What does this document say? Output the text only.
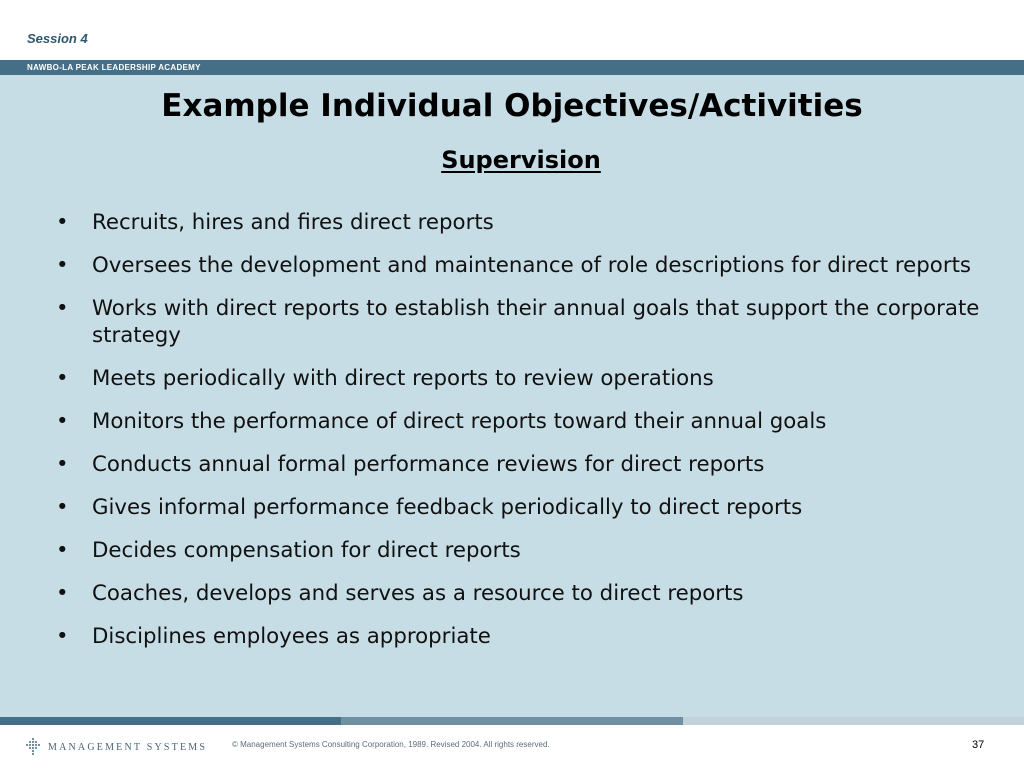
Session 4
NAWBO-LA PEAK LEADERSHIP ACADEMY
Example Individual Objectives/Activities
Supervision
• Recruits, hires and fires direct reports
• Oversees the development and maintenance of role descriptions for direct reports
• Works with direct reports to establish their annual goals that support the corporate strategy
• Meets periodically with direct reports to review operations
• Monitors the performance of direct reports toward their annual goals
• Conducts annual formal performance reviews for direct reports
• Gives informal performance feedback periodically to direct reports
• Decides compensation for direct reports
• Coaches, develops and serves as a resource to direct reports
• Disciplines employees as appropriate
MANAGEMENT SYSTEMS	© Management Systems Consulting Corporation, 1989. Revised 2004. All rights reserved.	37
